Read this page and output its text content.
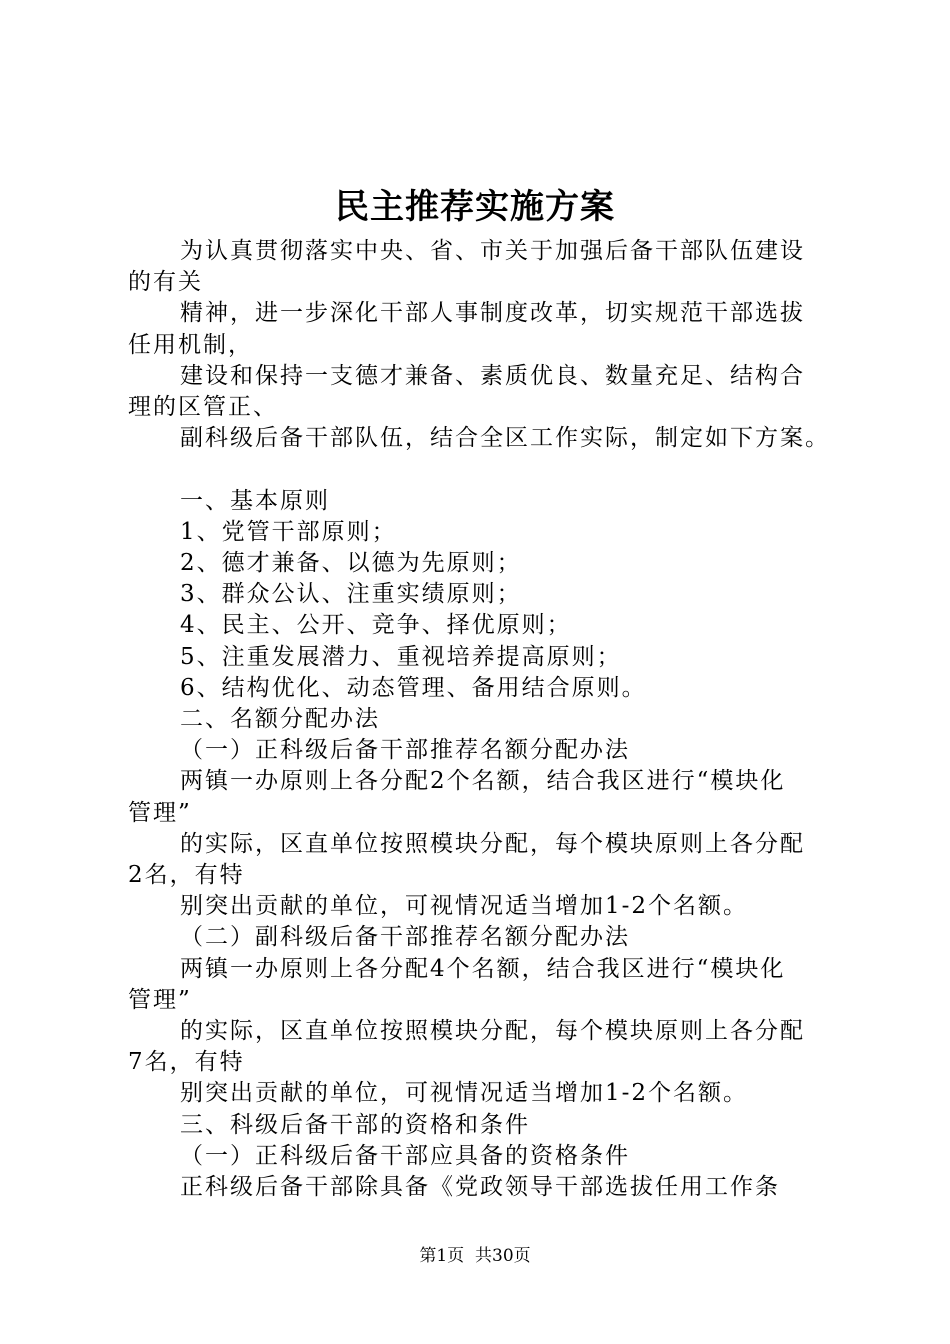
民主推荐实施方案

为认真贯彻落实中央、省、市关于加强后备干部队伍建设

的有关

精神，进一步深化干部人事制度改革，切实规范干部选拔

任用机制，

建设和保持一支德才兼备、素质优良、数量充足、结构合

理的区管正、

副科级后备干部队伍，结合全区工作实际，制定如下方案。

一、基本原则

1、党管干部原则；

2、德才兼备、以德为先原则；

3、群众公认、注重实绩原则；

4、民主、公开、竞争、择优原则；

5、注重发展潜力、重视培养提高原则；

6、结构优化、动态管理、备用结合原则。

二、名额分配办法

（一）正科级后备干部推荐名额分配办法

两镇一办原则上各分配2个名额，结合我区进行“模块化

管理”

的实际，区直单位按照模块分配，每个模块原则上各分配

2名，有特

别突出贡献的单位，可视情况适当增加1-2个名额。

（二）副科级后备干部推荐名额分配办法

两镇一办原则上各分配4个名额，结合我区进行“模块化

管理”

的实际，区直单位按照模块分配，每个模块原则上各分配

7名，有特

别突出贡献的单位，可视情况适当增加1-2个名额。

三、科级后备干部的资格和条件

（一）正科级后备干部应具备的资格条件

正科级后备干部除具备《党政领导干部选拔任用工作条

第1页 共30页
